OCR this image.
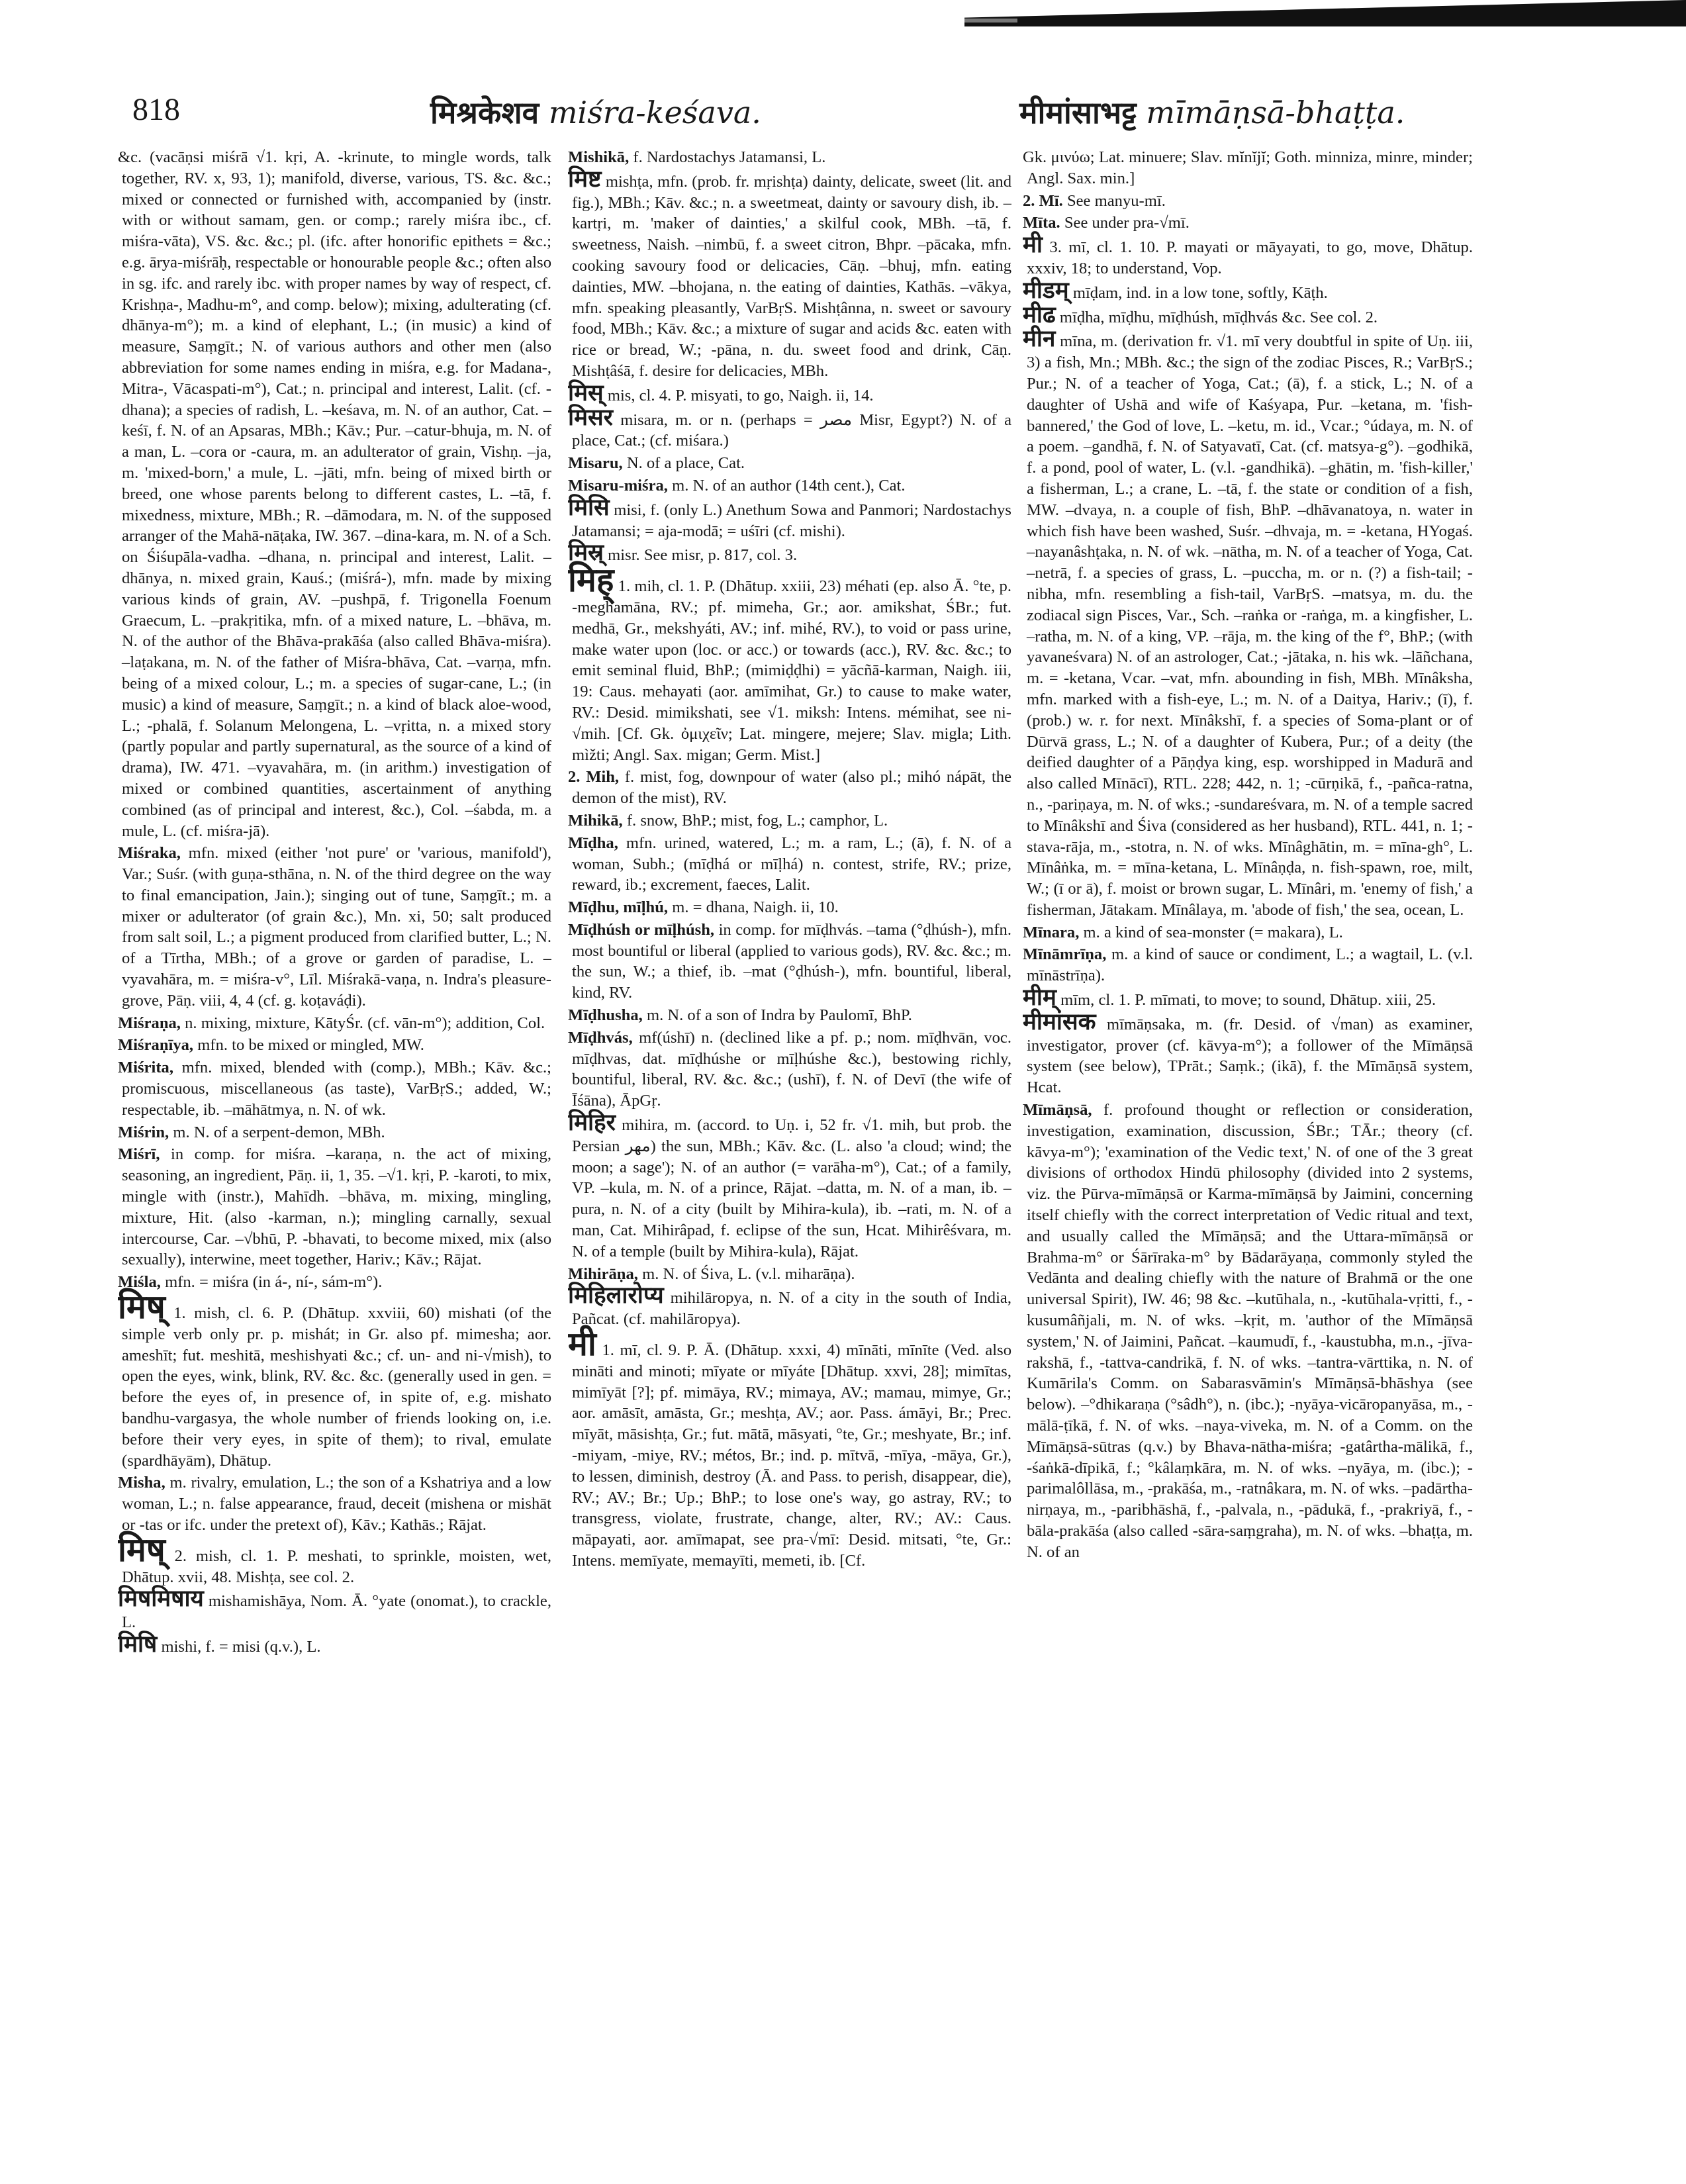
818	मिश्रकेशव miśra-keśava.	मीमांसाभट्ट mīmāṇsā-bhaṭṭa.
&c. (vacāṇsi miśrā √1. kṛi, A. -krinute, to mingle words, talk together, RV. x, 93, 1); manifold, diverse, various, TS. &c. &c.; mixed or connected or furnished with, accompanied by (instr. with or without samam, gen. or comp.; rarely miśra ibc., cf. miśra-vāta), VS. &c. &c.; pl. (ifc. after honorific epithets = &c.; e.g. ārya-miśrāḥ, respectable or honourable people &c.; often also in sg. ifc. and rarely ibc. with proper names by way of respect, cf. Krishṇa-, Madhu-m°, and comp. below); mixing, adulterating (cf. dhānya-m°); m. a kind of elephant, L.; (in music) a kind of measure, Saṃgīt.; N. of various authors and other men (also abbreviation for some names ending in miśra, e.g. for Madana-, Mitra-, Vācaspati-m°), Cat.; n. principal and interest, Lalit. (cf. -dhana); a species of radish, L. –keśava, m. N. of an author, Cat. –keśī, f. N. of an Apsaras, MBh.; Kāv.; Pur. –catur-bhuja, m. N. of a man, L. –cora or -caura, m. an adulterator of grain, Vishṇ. –ja, m. 'mixed-born,' a mule, L. –jāti, mfn. being of mixed birth or breed, one whose parents belong to different castes, L. –tā, f. mixedness, mixture, MBh.; R. –dāmodara, m. N. of the supposed arranger of the Mahā-nāṭaka, IW. 367. –dina-kara, m. N. of a Sch. on Śiśupāla-vadha. –dhana, n. principal and interest, Lalit. –dhānya, n. mixed grain, Kauś.; (miśrá-), mfn. made by mixing various kinds of grain, AV. –pushpā, f. Trigonella Foenum Graecum, L. –prakṛitika, mfn. of a mixed nature, L. –bhāva, m. N. of the author of the Bhāva-prakāśa (also called Bhāva-miśra). –laṭakana, m. N. of the father of Miśra-bhāva, Cat. –varṇa, mfn. being of a mixed colour, L.; m. a species of sugar-cane, L.; (in music) a kind of measure, Saṃgīt.; n. a kind of black aloe-wood, L.; -phalā, f. Solanum Melongena, L. –vṛitta, n. a mixed story (partly popular and partly supernatural, as the source of a kind of drama), IW. 471. –vyavahāra, m. (in arithm.) investigation of mixed or combined quantities, ascertainment of anything combined (as of principal and interest, &c.), Col. –śabda, m. a mule, L. (cf. miśra-jā).
Miśraka, mfn. mixed (either 'not pure' or 'various, manifold'), Var.; Suśr. (with guṇa-sthāna, n. N. of the third degree on the way to final emancipation, Jain.); singing out of tune, Saṃgīt.; m. a mixer or adulterator (of grain &c.), Mn. xi, 50; salt produced from salt soil, L.; a pigment produced from clarified butter, L.; N. of a Tīrtha, MBh.; of a grove or garden of paradise, L. –vyavahāra, m. = miśra-v°, Līl. Miśrakā-vaṇa, n. Indra's pleasure-grove, Pāṇ. viii, 4, 4 (cf. g. koṭaváḍi).
Miśraṇa, n. mixing, mixture, KātyŚr. (cf. vān-m°); addition, Col.
Miśraṇīya, mfn. to be mixed or mingled, MW.
Miśrita, mfn. mixed, blended with (comp.), MBh.; Kāv. &c.; promiscuous, miscellaneous (as taste), VarBṛS.; added, W.; respectable, ib. –māhātmya, n. N. of wk.
Miśrin, m. N. of a serpent-demon, MBh.
Miśrī, in comp. for miśra. –karaṇa, n. the act of mixing, seasoning, an ingredient, Pāṇ. ii, 1, 35. –√1. kṛi, P. -karoti, to mix, mingle with (instr.), Mahīdh. –bhāva, m. mixing, mingling, mixture, Hit. (also -karman, n.); mingling carnally, sexual intercourse, Car. –√bhū, P. -bhavati, to become mixed, mix (also sexually), interwine, meet together, Hariv.; Kāv.; Rājat.
Miśla, mfn. = miśra (in á-, ní-, sám-m°).
मिष् 1. mish, cl. 6. P. (Dhātup. xxviii, 60) mishati (of the simple verb only pr. p. mishát; in Gr. also pf. mimesha; aor. ameshīt; fut. meshitā, meshishyati &c.; cf. un- and ni-√mish), to open the eyes, wink, blink, RV. &c. &c. (generally used in gen. = before the eyes of, in presence of, in spite of, e.g. mishato bandhu-vargasya, the whole number of friends looking on, i.e. before their very eyes, in spite of them); to rival, emulate (spardhāyām), Dhātup.
Misha, m. rivalry, emulation, L.; the son of a Kshatriya and a low woman, L.; n. false appearance, fraud, deceit (mishena or mishāt or -tas or ifc. under the pretext of), Kāv.; Kathās.; Rājat.
मिष् 2. mish, cl. 1. P. meshati, to sprinkle, moisten, wet, Dhātup. xvii, 48. Mishṭa, see col. 2.
मिषमिषाय mishamishāya, Nom. Ā. °yate (onomat.), to crackle, L.
मिषि mishi, f. = misi (q.v.), L.
Mishikā, f. Nardostachys Jatamansi, L.
मिष्ट mishṭa, mfn. (prob. fr. mṛishṭa) dainty, delicate, sweet (lit. and fig.), MBh.; Kāv. &c.; n. a sweetmeat, dainty or savoury dish, ib. –kartṛi, m. 'maker of dainties,' a skilful cook, MBh. –tā, f. sweetness, Naish. –nimbū, f. a sweet citron, Bhpr. –pācaka, mfn. cooking savoury food or delicacies, Cāṇ. –bhuj, mfn. eating dainties, MW. –bhojana, n. the eating of dainties, Kathās. –vākya, mfn. speaking pleasantly, VarBṛS. Mishṭânna, n. sweet or savoury food, MBh.; Kāv. &c.; a mixture of sugar and acids &c. eaten with rice or bread, W.; -pāna, n. du. sweet food and drink, Cāṇ. Mishṭâśā, f. desire for delicacies, MBh.
मिस् mis, cl. 4. P. misyati, to go, Naigh. ii, 14.
मिसर misara, m. or n. (perhaps = مصر Misr, Egypt?) N. of a place, Cat.; (cf. miśara.)
Misaru, N. of a place, Cat.
Misaru-miśra, m. N. of an author (14th cent.), Cat.
मिसि misi, f. (only L.) Anethum Sowa and Panmori; Nardostachys Jatamansi; = aja-modā; = uśīri (cf. mishi).
मिस्र् misr. See misr, p. 817, col. 3.
मिह् 1. mih, cl. 1. P. (Dhātup. xxiii, 23) méhati (ep. also Ā. °te, p. -meghamāna, RV.; pf. mimeha, Gr.; aor. amikshat, ŚBr.; fut. medhā, Gr., mekshyáti, AV.; inf. mihé, RV.), to void or pass urine, make water upon (loc. or acc.) or towards (acc.), RV. &c. &c.; to emit seminal fluid, BhP.; (mimiḍḍhi) = yācñā-karman, Naigh. iii, 19: Caus. mehayati (aor. amīmihat, Gr.) to cause to make water, RV.: Desid. mimikshati, see √1. miksh: Intens. mémihat, see ni-√mih. [Cf. Gk. ὀμιχεῖν; Lat. mingere, mejere; Slav. migla; Lith. mìžti; Angl. Sax. migan; Germ. Mist.]
2. Mih, f. mist, fog, downpour of water (also pl.; mihó nápāt, the demon of the mist), RV.
Mihikā, f. snow, BhP.; mist, fog, L.; camphor, L.
Mīḍha, mfn. urined, watered, L.; m. a ram, L.; (ā), f. N. of a woman, Subh.; (mīḍhá or mīḷhá) n. contest, strife, RV.; prize, reward, ib.; excrement, faeces, Lalit.
Mīḍhu, mīḷhú, m. = dhana, Naigh. ii, 10.
Mīḍhúsh or mīḷhúsh, in comp. for mīḍhvás. –tama (°ḍhúsh-), mfn. most bountiful or liberal (applied to various gods), RV. &c. &c.; m. the sun, W.; a thief, ib. –mat (°ḍhúsh-), mfn. bountiful, liberal, kind, RV.
Mīḍhusha, m. N. of a son of Indra by Paulomī, BhP.
Mīḍhvás, mf(úshī) n. (declined like a pf. p.; nom. mīḍhvān, voc. mīḍhvas, dat. mīḍhúshe or mīḷhúshe &c.), bestowing richly, bountiful, liberal, RV. &c. &c.; (ushī), f. N. of Devī (the wife of Īśāna), ĀpGṛ.
मिहिर mihira, m. (accord. to Uṇ. i, 52 fr. √1. mih, but prob. the Persian مهر) the sun, MBh.; Kāv. &c. (L. also 'a cloud; wind; the moon; a sage'); N. of an author (= varāha-m°), Cat.; of a family, VP. –kula, m. N. of a prince, Rājat. –datta, m. N. of a man, ib. –pura, n. N. of a city (built by Mihira-kula), ib. –rati, m. N. of a man, Cat. Mihirâpad, f. eclipse of the sun, Hcat. Mihirêśvara, m. N. of a temple (built by Mihira-kula), Rājat.
Mihirāṇa, m. N. of Śiva, L. (v.l. miharāṇa).
मिहिलारोप्य mihilāropya, n. N. of a city in the south of India, Pañcat. (cf. mahilāropya).
मी 1. mī, cl. 9. P. Ā. (Dhātup. xxxi, 4) mīnāti, mīnīte (Ved. also mināti and minoti; mīyate or mīyáte [Dhātup. xxvi, 28]; mimītas, mimīyāt [?]; pf. mimāya, RV.; mimaya, AV.; mamau, mimye, Gr.; aor. amāsīt, amāsta, Gr.; meshṭa, AV.; aor. Pass. ámāyi, Br.; Prec. mīyāt, māsishṭa, Gr.; fut. mātā, māsyati, °te, Gr.; meshyate, Br.; inf. -miyam, -miye, RV.; métos, Br.; ind. p. mītvā, -mīya, -māya, Gr.), to lessen, diminish, destroy (Ā. and Pass. to perish, disappear, die), RV.; AV.; Br.; Up.; BhP.; to lose one's way, go astray, RV.; to transgress, violate, frustrate, change, alter, RV.; AV.: Caus. māpayati, aor. amīmapat, see pra-√mī: Desid. mitsati, °te, Gr.: Intens. memīyate, memayīti, memeti, ib. [Cf.
Gk. μινύω; Lat. minuere; Slav. mĭnĭjĭ; Goth. minniza, minre, minder; Angl. Sax. min.]
2. Mī. See manyu-mī.
Mīta. See under pra-√mī.
मी 3. mī, cl. 1. 10. P. mayati or māyayati, to go, move, Dhātup. xxxiv, 18; to understand, Vop.
मीडम् mīḍam, ind. in a low tone, softly, Kāṭh.
मीढ mīḍha, mīḍhu, mīḍhúsh, mīḍhvás &c. See col. 2.
मीन mīna, m. (derivation fr. √1. mī very doubtful in spite of Uṇ. iii, 3) a fish, Mn.; MBh. &c.; the sign of the zodiac Pisces, R.; VarBṛS.; Pur.; N. of a teacher of Yoga, Cat.; (ā), f. a stick, L.; N. of a daughter of Ushā and wife of Kaśyapa, Pur. –ketana, m. 'fish-bannered,' the God of love, L. –ketu, m. id., Vcar.; °údaya, m. N. of a poem. –gandhā, f. N. of Satyavatī, Cat. (cf. matsya-g°). –godhikā, f. a pond, pool of water, L. (v.l. -gandhikā). –ghātin, m. 'fish-killer,' a fisherman, L.; a crane, L. –tā, f. the state or condition of a fish, MW. –dvaya, n. a couple of fish, BhP. –dhāvanatoya, n. water in which fish have been washed, Suśr. –dhvaja, m. = -ketana, HYogaś. –nayanâshṭaka, n. N. of wk. –nātha, m. N. of a teacher of Yoga, Cat. –netrā, f. a species of grass, L. –puccha, m. or n. (?) a fish-tail; -nibha, mfn. resembling a fish-tail, VarBṛS. –matsya, m. du. the zodiacal sign Pisces, Var., Sch. –raṅka or -raṅga, m. a kingfisher, L. –ratha, m. N. of a king, VP. –rāja, m. the king of the f°, BhP.; (with yavaneśvara) N. of an astrologer, Cat.; -jātaka, n. his wk. –lāñchana, m. = -ketana, Vcar. –vat, mfn. abounding in fish, MBh. Mīnâksha, mfn. marked with a fish-eye, L.; m. N. of a Daitya, Hariv.; (ī), f. (prob.) w. r. for next. Mīnâkshī, f. a species of Soma-plant or of Dūrvā grass, L.; N. of a daughter of Kubera, Pur.; of a deity (the deified daughter of a Pāṇḍya king, esp. worshipped in Madurā and also called Mīnācī), RTL. 228; 442, n. 1; -cūrṇikā, f., -pañca-ratna, n., -pariṇaya, m. N. of wks.; -sundareśvara, m. N. of a temple sacred to Mīnâkshī and Śiva (considered as her husband), RTL. 441, n. 1; -stava-rāja, m., -stotra, n. N. of wks. Mīnâghātin, m. = mīna-gh°, L. Mīnâṅka, m. = mīna-ketana, L. Mīnâṇḍa, n. fish-spawn, roe, milt, W.; (ī or ā), f. moist or brown sugar, L. Mīnâri, m. 'enemy of fish,' a fisherman, Jātakam. Mīnâlaya, m. 'abode of fish,' the sea, ocean, L.
Mīnara, m. a kind of sea-monster (= makara), L.
Mīnāmrīṇa, m. a kind of sauce or condiment, L.; a wagtail, L. (v.l. mīnāstrīṇa).
मीम् mīm, cl. 1. P. mīmati, to move; to sound, Dhātup. xiii, 25.
मीमांसक mīmāṇsaka, m. (fr. Desid. of √man) as examiner, investigator, prover (cf. kāvya-m°); a follower of the Mīmāṇsā system (see below), TPrāt.; Saṃk.; (ikā), f. the Mīmāṇsā system, Hcat.
Mīmāṇsā, f. profound thought or reflection or consideration, investigation, examination, discussion, ŚBr.; TĀr.; theory (cf. kāvya-m°); 'examination of the Vedic text,' N. of one of the 3 great divisions of orthodox Hindū philosophy (divided into 2 systems, viz. the Pūrva-mīmāṇsā or Karma-mīmāṇsā by Jaimini, concerning itself chiefly with the correct interpretation of Vedic ritual and text, and usually called the Mīmāṇsā; and the Uttara-mīmāṇsā or Brahma-m° or Śārīraka-m° by Bādarāyaṇa, commonly styled the Vedānta and dealing chiefly with the nature of Brahmā or the one universal Spirit), IW. 46; 98 &c. –kutūhala, n., -kutūhala-vṛitti, f., -kusumâñjali, m. N. of wks. –kṛit, m. 'author of the Mīmāṇsā system,' N. of Jaimini, Pañcat. –kaumudī, f., -kaustubha, m.n., -jīva-rakshā, f., -tattva-candrikā, f. N. of wks. –tantra-vārttika, n. N. of Kumārila's Comm. on Sabarasvāmin's Mīmāṇsā-bhāshya (see below). –°dhikaraṇa (°sâdh°), n. (ibc.); -nyāya-vicāropanyāsa, m., -mālā-ṭīkā, f. N. of wks. –naya-viveka, m. N. of a Comm. on the Mīmāṇsā-sūtras (q.v.) by Bhava-nātha-miśra; -gatârtha-mālikā, f., -śaṅkā-dīpikā, f.; °kâlaṃkāra, m. N. of wks. –nyāya, m. (ibc.); -parimalôllāsa, m., -prakāśa, m., -ratnâkara, m. N. of wks. –padārtha-nirṇaya, m., -paribhāshā, f., -palvala, n., -pādukā, f., -prakriyā, f., -bāla-prakāśa (also called -sāra-saṃgraha), m. N. of wks. –bhaṭṭa, m. N. of an
